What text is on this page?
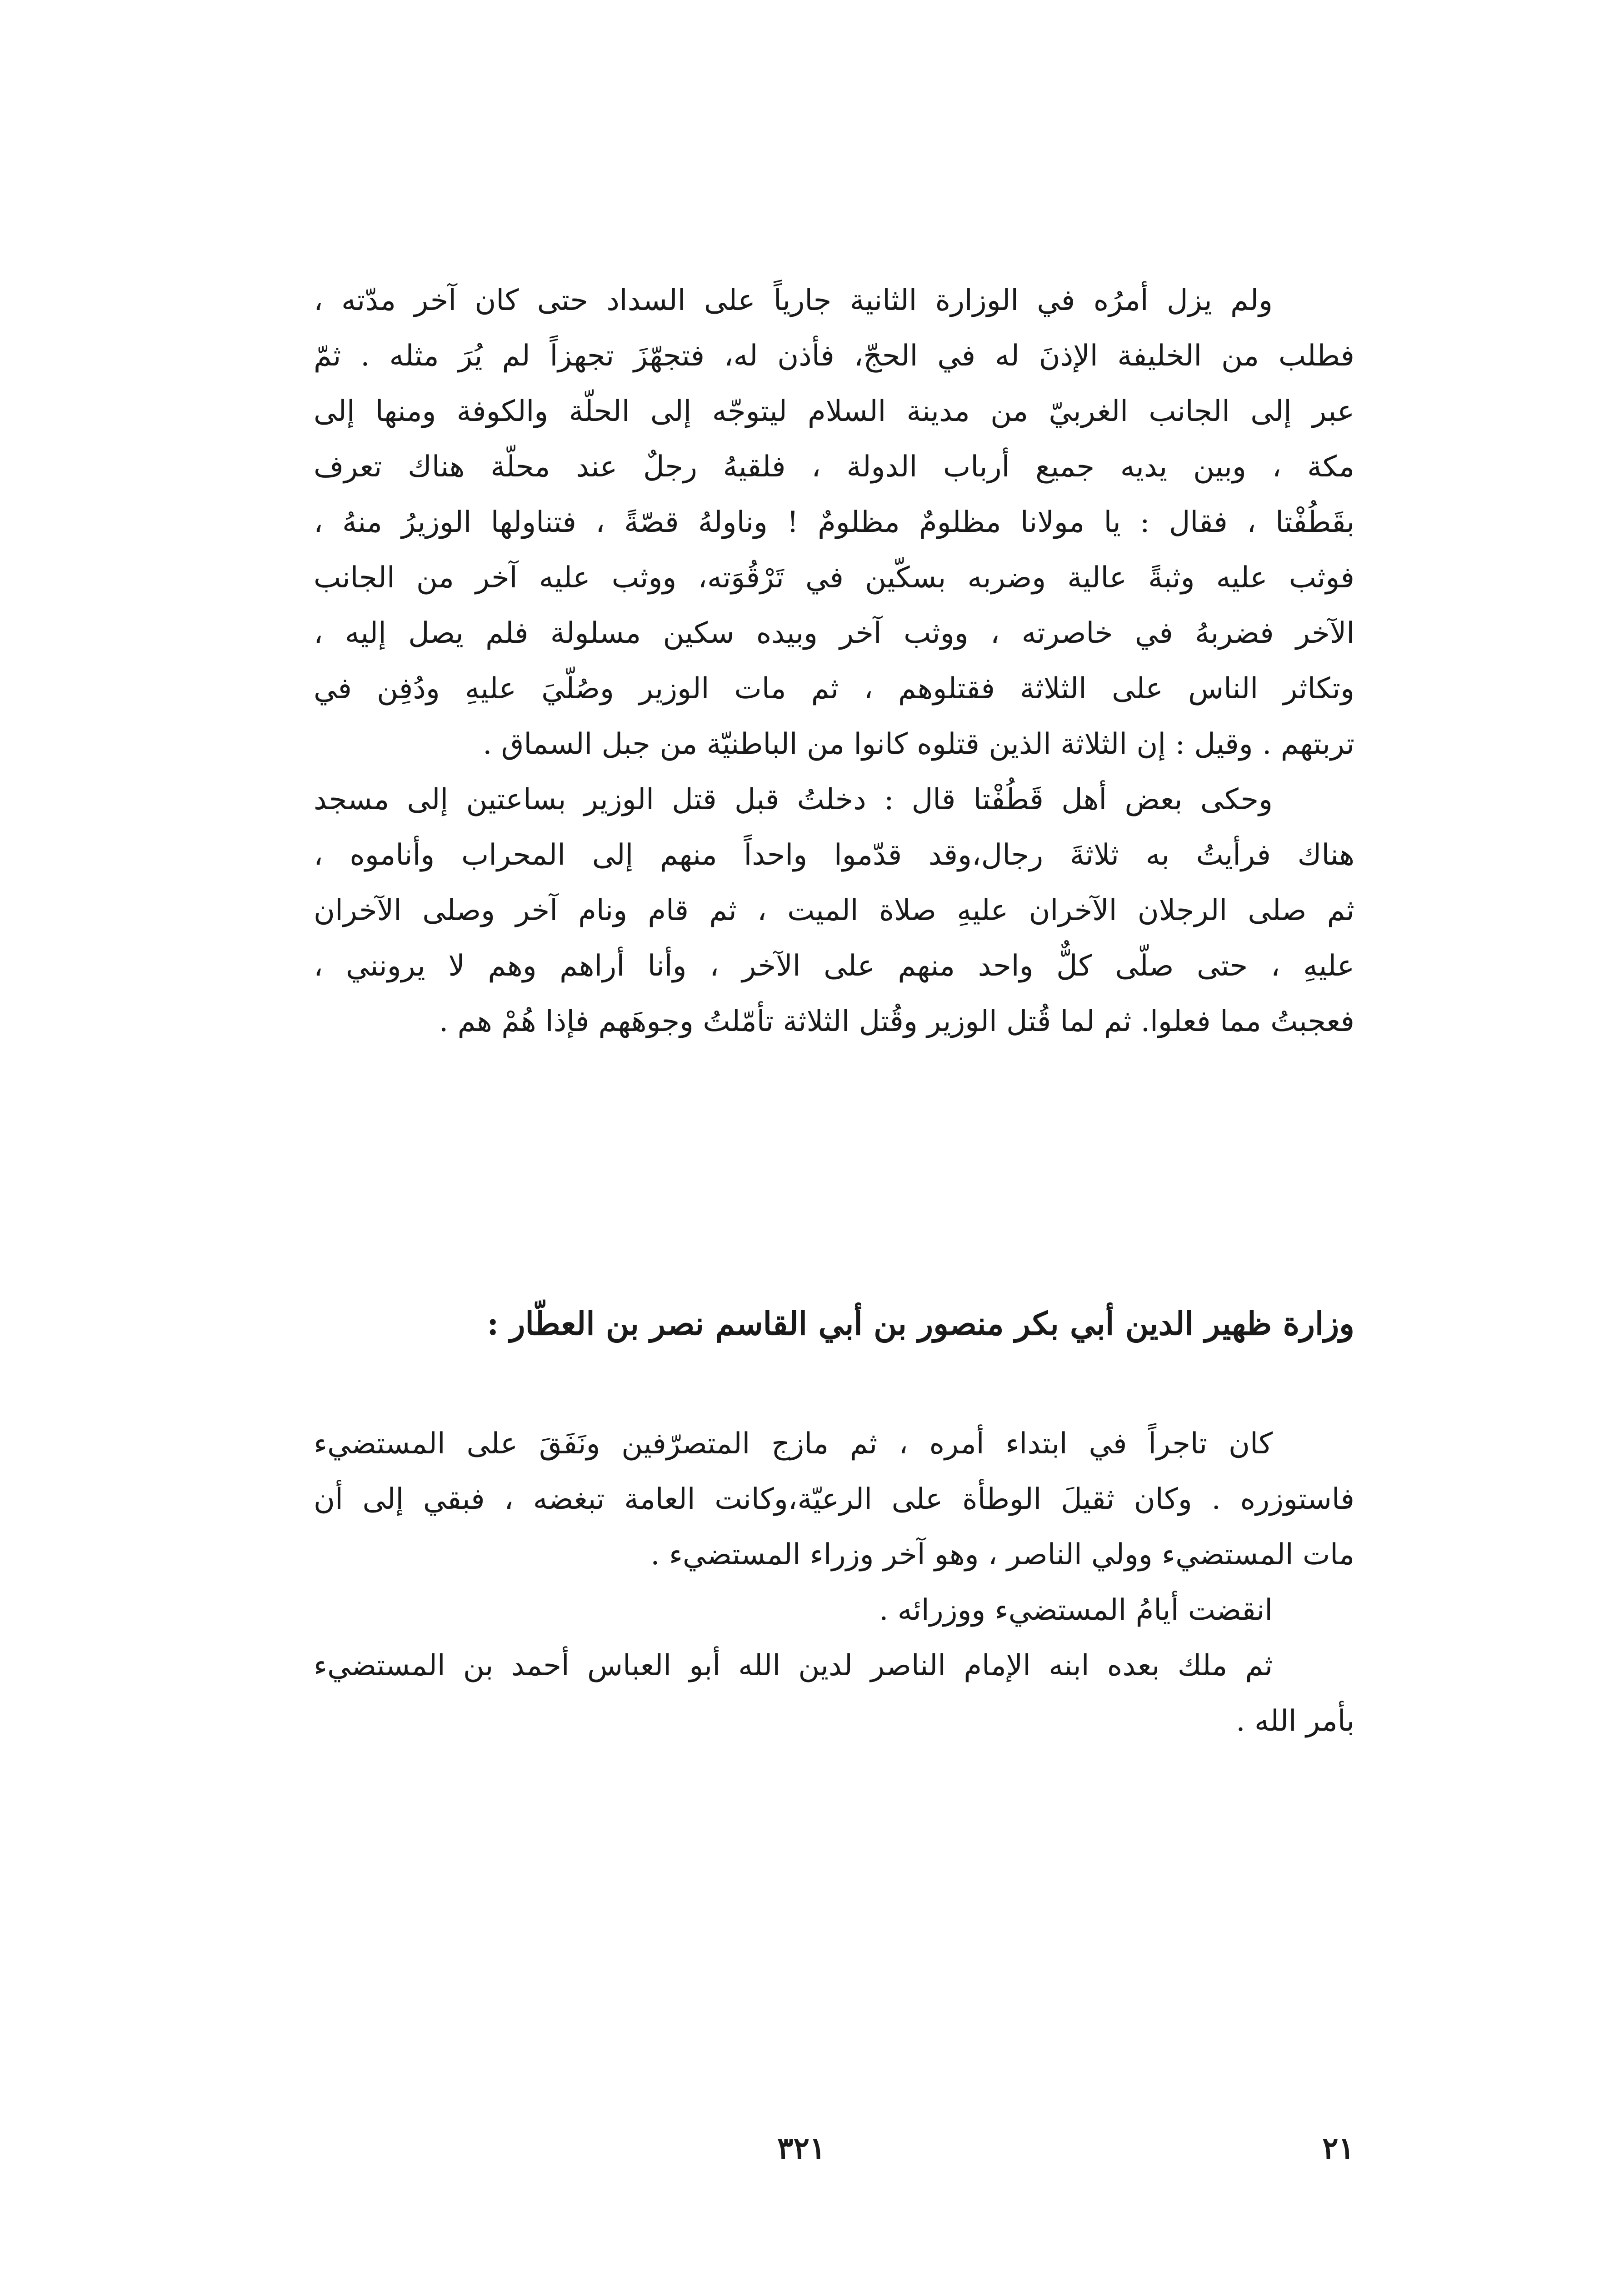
ولم يزل أمرُه في الوزارة الثانية جارياً على السداد حتى كان آخر مدّته ،

فطلب من الخليفة الإذنَ له في الحجّ، فأذن له، فتجهّزَ تجهزاً لم يُرَ مثله . ثمّ

عبر إلى الجانب الغربيّ من مدينة السلام ليتوجّه إلى الحلّة والكوفة ومنها إلى

مكة ، وبين يديه جميع أرباب الدولة ، فلقيهُ رجلٌ عند محلّة هناك تعرف

بقَطُفْتا ، فقال : يا مولانا مظلومٌ مظلومٌ ! وناولهُ قصّةً ، فتناولها الوزيرُ منهُ ،

فوثب عليه وثبةً عالية وضربه بسكّين في تَرْقُوَته، ووثب عليه آخر من الجانب

الآخر فضربهُ في خاصرته ، ووثب آخر وبيده سكين مسلولة فلم يصل إليه ،

وتكاثر الناس على الثلاثة فقتلوهم ، ثم مات الوزير وصُلّيَ عليهِ ودُفِن في

تربتهم . وقيل : إن الثلاثة الذين قتلوه كانوا من الباطنيّة من جبل السماق .

وحكى بعض أهل قَطُفْتا قال : دخلتُ قبل قتل الوزير بساعتين إلى مسجد

هناك فرأيتُ به ثلاثةَ رجال،وقد قدّموا واحداً منهم إلى المحراب وأناموه ،

ثم صلى الرجلان الآخران عليهِ صلاة الميت ، ثم قام ونام آخر وصلى الآخران

عليهِ ، حتى صلّى كلٌّ واحد منهم على الآخر ، وأنا أراهم وهم لا يرونني ،

فعجبتُ مما فعلوا. ثم لما قُتل الوزير وقُتل الثلاثة تأمّلتُ وجوهَهم فإذا هُمْ هم .

وزارة ظهير الدين أبي بكر منصور بن أبي القاسم نصر بن العطّار :

كان تاجراً في ابتداء أمره ، ثم مازج المتصرّفين ونَفَقَ على المستضيء

فاستوزره . وكان ثقيلَ الوطأة على الرعيّة،وكانت العامة تبغضه ، فبقي إلى أن

مات المستضيء وولي الناصر ، وهو آخر وزراء المستضيء .

انقضت أيامُ المستضيء ووزرائه .

ثم ملك بعده ابنه الإمام الناصر لدين الله أبو العباس أحمد بن المستضيء

بأمر الله .

٣٢١	٢١
